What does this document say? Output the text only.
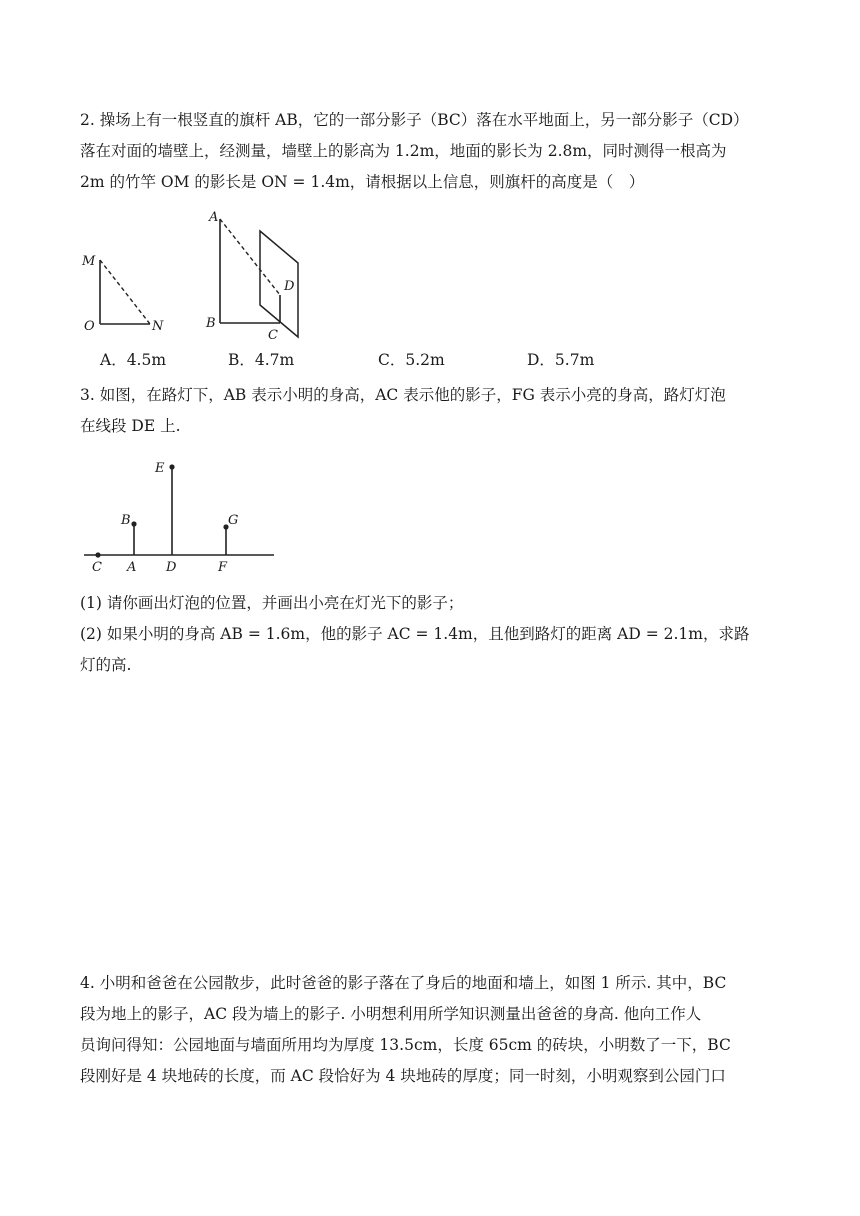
2. 操场上有一根竖直的旗杆 AB，它的一部分影子（BC）落在水平地面上，另一部分影子（CD）
落在对面的墙壁上，经测量，墙壁上的影高为 1.2m，地面的影长为 2.8m，同时测得一根高为
2m 的竹竿 OM 的影长是 ON = 1.4m，请根据以上信息，则旗杆的高度是（　）

M
O	N
A
B
C
D
A．4.5m	B．4.7m	C．5.2m	D．5.7m

3. 如图，在路灯下，AB 表示小明的身高，AC 表示他的影子，FG 表示小亮的身高，路灯灯泡
在线段 DE 上.

E
B	G
C A D	F

(1) 请你画出灯泡的位置，并画出小亮在灯光下的影子；
(2) 如果小明的身高 AB = 1.6m，他的影子 AC = 1.4m，且他到路灯的距离 AD = 2.1m，求路
灯的高.

4. 小明和爸爸在公园散步，此时爸爸的影子落在了身后的地面和墙上，如图 1 所示. 其中，BC
段为地上的影子，AC 段为墙上的影子. 小明想利用所学知识测量出爸爸的身高. 他向工作人
员询问得知：公园地面与墙面所用均为厚度 13.5cm，长度 65cm 的砖块，小明数了一下，BC
段刚好是 4 块地砖的长度，而 AC 段恰好为 4 块地砖的厚度；同一时刻，小明观察到公园门口
